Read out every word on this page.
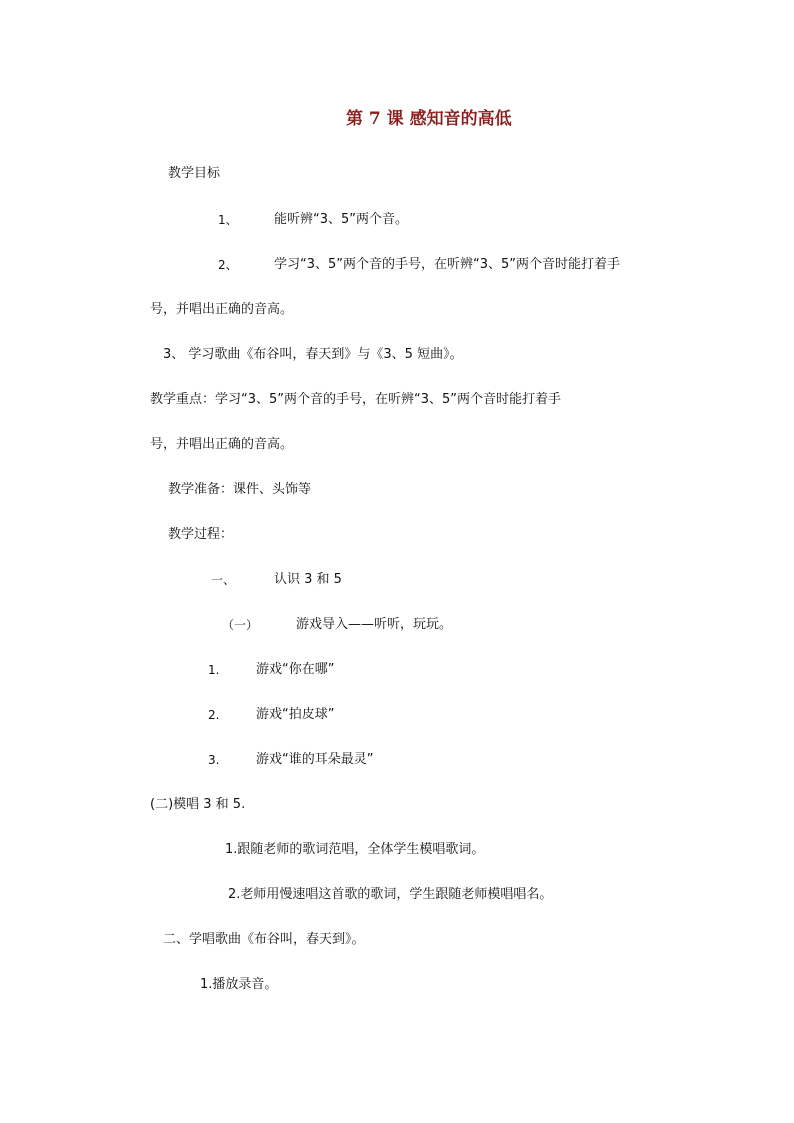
第 7 课 感知音的高低
教学目标
1、	能听辨“3、5”两个音。
2、	学习“3、5”两个音的手号，在听辨“3、5”两个音时能打着手
号，并唱出正确的音高。
3、 学习歌曲《布谷叫，春天到》与《3、5 短曲》。
教学重点：学习“3、5”两个音的手号，在听辨“3、5”两个音时能打着手
号，并唱出正确的音高。
教学准备：课件、头饰等
教学过程：
一、	认识 3 和 5
（一）	游戏导入——听听，玩玩。
1.	游戏“你在哪”
2.	游戏“拍皮球”
3.	游戏“谁的耳朵最灵”
(二)模唱 3 和 5.
1.跟随老师的歌词范唱，全体学生模唱歌词。
2.老师用慢速唱这首歌的歌词，学生跟随老师模唱唱名。
二、学唱歌曲《布谷叫，春天到》。
1.播放录音。
